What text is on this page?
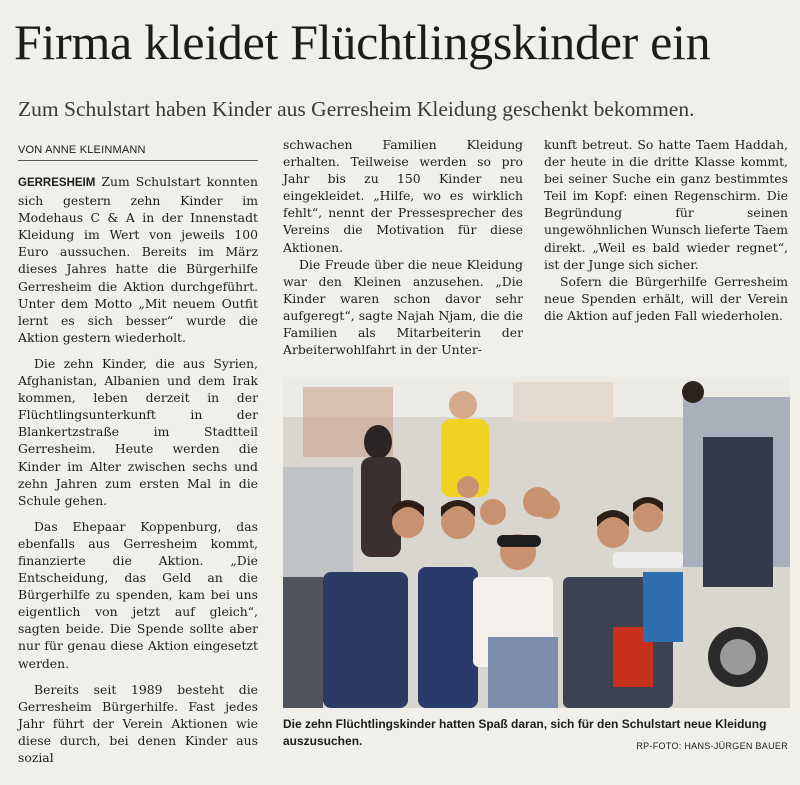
Firma kleidet Flüchtlingskinder ein
Zum Schulstart haben Kinder aus Gerresheim Kleidung geschenkt bekommen.
VON ANNE KLEINMANN

GERRESHEIM Zum Schulstart konnten sich gestern zehn Kinder im Modehaus C & A in der Innenstadt Kleidung im Wert von jeweils 100 Euro aussuchen. Bereits im März dieses Jahres hatte die Bürgerhilfe Gerresheim die Aktion durchgeführt. Unter dem Motto „Mit neuem Outfit lernt es sich besser“ wurde die Aktion gestern wiederholt.

Die zehn Kinder, die aus Syrien, Afghanistan, Albanien und dem Irak kommen, leben derzeit in der Flüchtlingsunterkunft in der Blankertzstraße im Stadtteil Gerresheim. Heute werden die Kinder im Alter zwischen sechs und zehn Jahren zum ersten Mal in die Schule gehen.

Das Ehepaar Koppenburg, das ebenfalls aus Gerresheim kommt, finanzierte die Aktion. „Die Entscheidung, das Geld an die Bürgerhilfe zu spenden, kam bei uns eigentlich von jetzt auf gleich“, sagten beide. Die Spende sollte aber nur für genau diese Aktion eingesetzt werden.

Bereits seit 1989 besteht die Gerresheim Bürgerhilfe. Fast jedes Jahr führt der Verein Aktionen wie diese durch, bei denen Kinder aus sozial

schwachen Familien Kleidung erhalten. Teilweise werden so pro Jahr bis zu 150 Kinder neu eingekleidet. „Hilfe, wo es wirklich fehlt“, nennt der Pressesprecher des Vereins die Motivation für diese Aktionen.

Die Freude über die neue Kleidung war den Kleinen anzusehen. „Die Kinder waren schon davor sehr aufgeregt“, sagte Najah Njam, die die Familien als Mitarbeiterin der Arbeiterwohlfahrt in der Unter-

kunft betreut. So hatte Taem Haddah, der heute in die dritte Klasse kommt, bei seiner Suche ein ganz bestimmtes Teil im Kopf: einen Regenschirm. Die Begründung für seinen ungewöhnlichen Wunsch lieferte Taem direkt. „Weil es bald wieder regnet“, ist der Junge sich sicher.

Sofern die Bürgerhilfe Gerresheim neue Spenden erhält, will der Verein die Aktion auf jeden Fall wiederholen.

Die zehn Flüchtlingskinder hatten Spaß daran, sich für den Schulstart neue Kleidung auszusuchen.	RP-FOTO: HANS-JÜRGEN BAUER
